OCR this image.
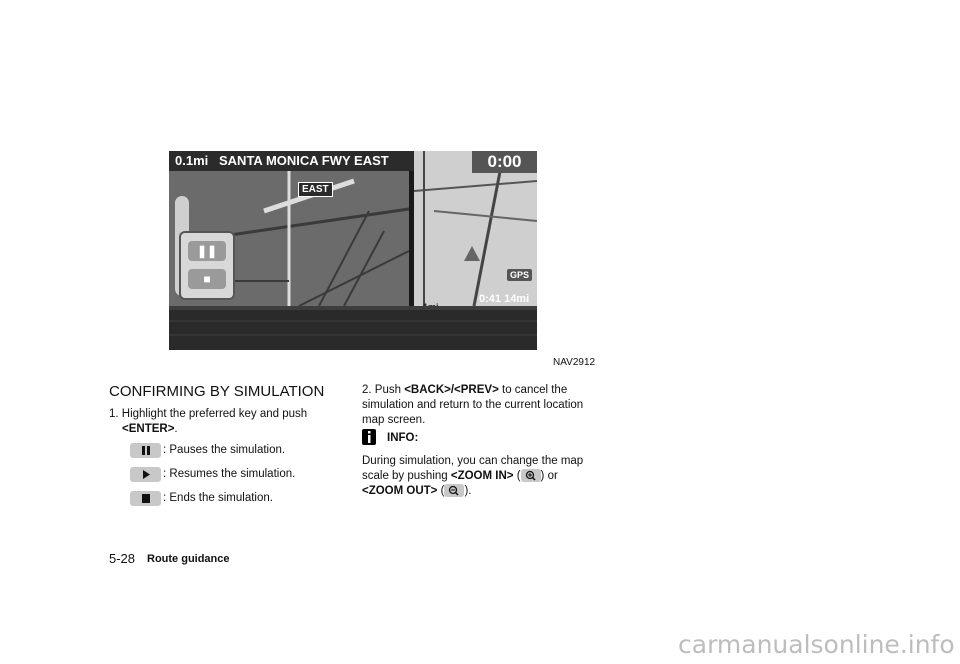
0.1mi SANTA MONICA FWY EAST	0:00
EAST
❚❚
■	GPS
0:41 14mi
NAV2912
CONFIRMING BY SIMULATION
1. Highlight the preferred key and push
<ENTER>.
: Pauses the simulation.
: Resumes the simulation.
: Ends the simulation.
2. Push <BACK>/<PREV> to cancel the simulation and return to the current location map screen.
INFO:
During simulation, you can change the map scale by pushing <ZOOM IN> ( ) or <ZOOM OUT> ( ).
5-28 Route guidance
carmanualsonline.info
